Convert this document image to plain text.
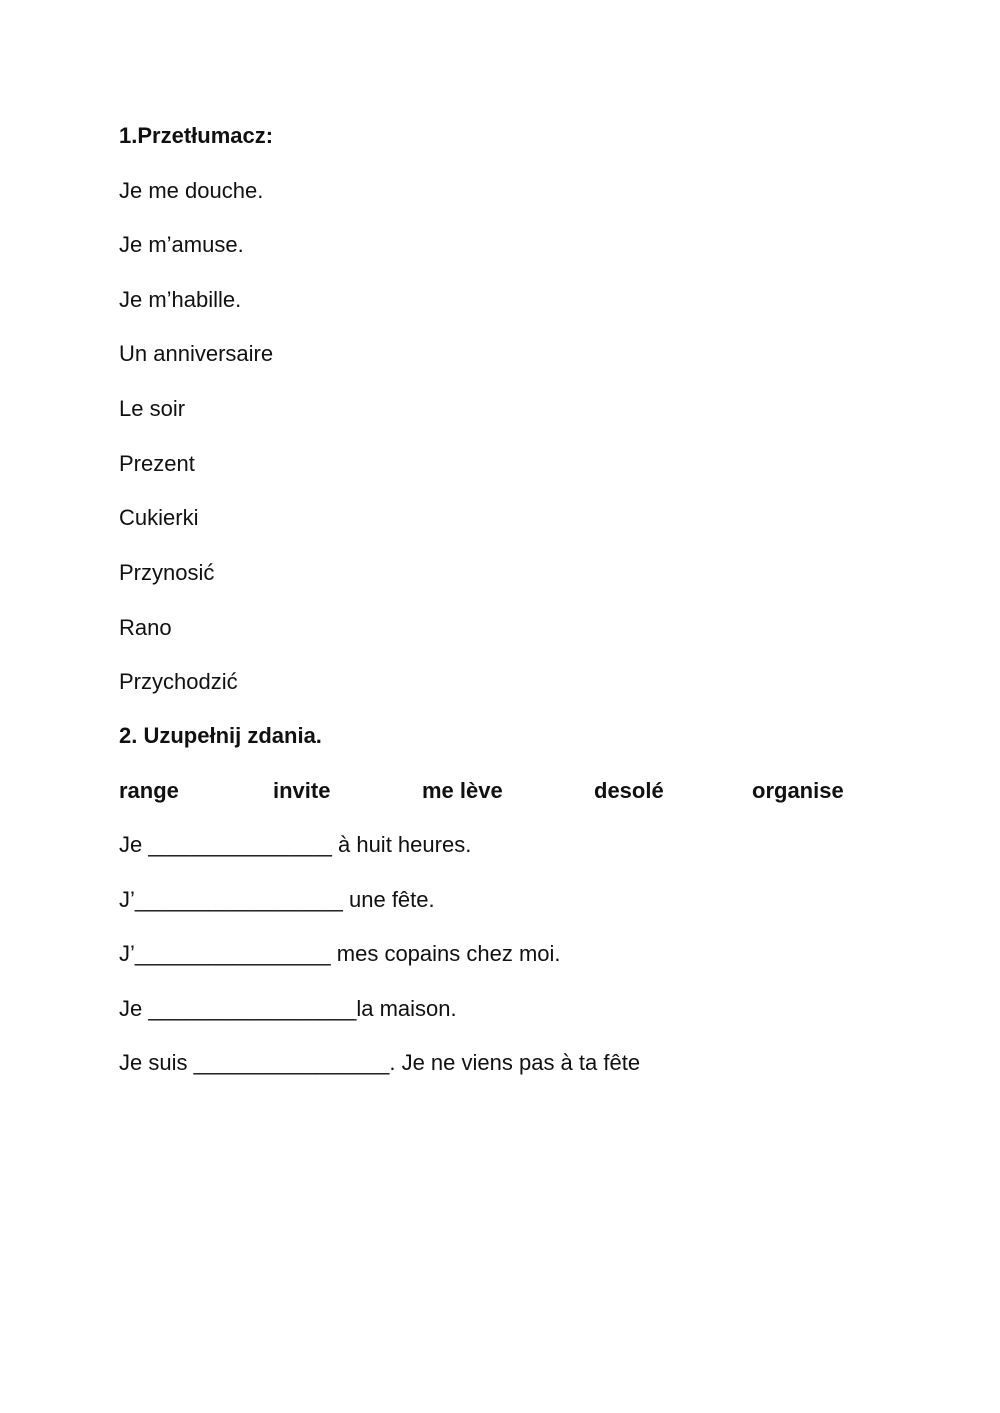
1.Przetłumacz:
Je me douche.
Je m’amuse.
Je m’habille.
Un anniversaire
Le soir
Prezent
Cukierki
Przynosić
Rano
Przychodzić
2. Uzupełnij zdania.
range	invite	me lève	desolé	organise
Je _______________ à huit heures.
J’_________________ une fête.
J’________________ mes copains chez moi.
Je _________________la maison.
Je suis ________________. Je ne viens pas à ta fête
